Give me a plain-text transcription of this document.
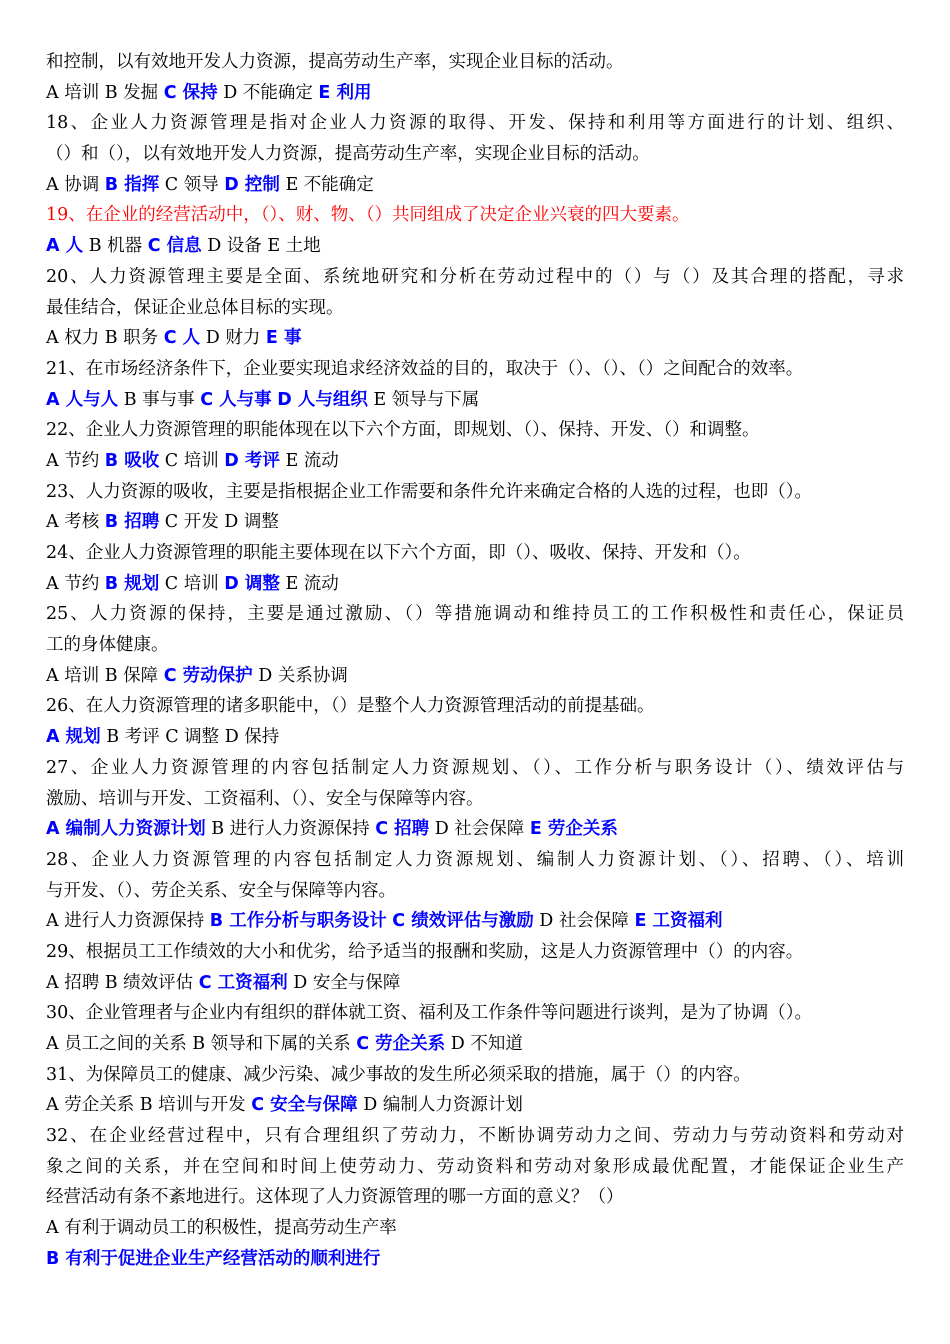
和控制，以有效地开发人力资源，提高劳动生产率，实现企业目标的活动。
A 培训 B 发掘 C 保持 D 不能确定 E 利用
18、企业人力资源管理是指对企业人力资源的取得、开发、保持和利用等方面进行的计划、组织、
（）和（），以有效地开发人力资源，提高劳动生产率，实现企业目标的活动。
A 协调 B 指挥 C 领导 D 控制 E 不能确定
19、在企业的经营活动中，（）、财、物、（）共同组成了决定企业兴衰的四大要素。
A 人 B 机器 C 信息 D 设备 E 土地
20、人力资源管理主要是全面、系统地研究和分析在劳动过程中的（）与（）及其合理的搭配，寻求
最佳结合，保证企业总体目标的实现。
A 权力 B 职务 C 人 D 财力 E 事
21、在市场经济条件下，企业要实现追求经济效益的目的，取决于（）、（）、（）之间配合的效率。
A 人与人 B 事与事 C 人与事 D 人与组织 E 领导与下属
22、企业人力资源管理的职能体现在以下六个方面，即规划、（）、保持、开发、（）和调整。
A 节约 B 吸收 C 培训 D 考评 E 流动
23、人力资源的吸收，主要是指根据企业工作需要和条件允许来确定合格的人选的过程，也即（）。
A 考核 B 招聘 C 开发 D 调整
24、企业人力资源管理的职能主要体现在以下六个方面，即（）、吸收、保持、开发和（）。
A 节约 B 规划 C 培训 D 调整 E 流动
25、人力资源的保持，主要是通过激励、（）等措施调动和维持员工的工作积极性和责任心，保证员
工的身体健康。
A 培训 B 保障 C 劳动保护 D 关系协调
26、在人力资源管理的诸多职能中，（）是整个人力资源管理活动的前提基础。
A 规划 B 考评 C 调整 D 保持
27、企业人力资源管理的内容包括制定人力资源规划、（）、工作分析与职务设计（）、绩效评估与
激励、培训与开发、工资福利、（）、安全与保障等内容。
A 编制人力资源计划 B 进行人力资源保持 C 招聘 D 社会保障 E 劳企关系
28、企业人力资源管理的内容包括制定人力资源规划、编制人力资源计划、（）、招聘、（）、培训
与开发、（）、劳企关系、安全与保障等内容。
A 进行人力资源保持 B 工作分析与职务设计 C 绩效评估与激励 D 社会保障 E 工资福利
29、根据员工工作绩效的大小和优劣，给予适当的报酬和奖励，这是人力资源管理中（）的内容。
A 招聘 B 绩效评估 C 工资福利 D 安全与保障
30、企业管理者与企业内有组织的群体就工资、福利及工作条件等问题进行谈判，是为了协调（）。
A 员工之间的关系 B 领导和下属的关系 C 劳企关系 D 不知道
31、为保障员工的健康、减少污染、减少事故的发生所必须采取的措施，属于（）的内容。
A 劳企关系 B 培训与开发 C 安全与保障 D 编制人力资源计划
32、在企业经营过程中，只有合理组织了劳动力，不断协调劳动力之间、劳动力与劳动资料和劳动对
象之间的关系，并在空间和时间上使劳动力、劳动资料和劳动对象形成最优配置，才能保证企业生产
经营活动有条不紊地进行。这体现了人力资源管理的哪一方面的意义？（）
A 有利于调动员工的积极性，提高劳动生产率
B 有利于促进企业生产经营活动的顺利进行
